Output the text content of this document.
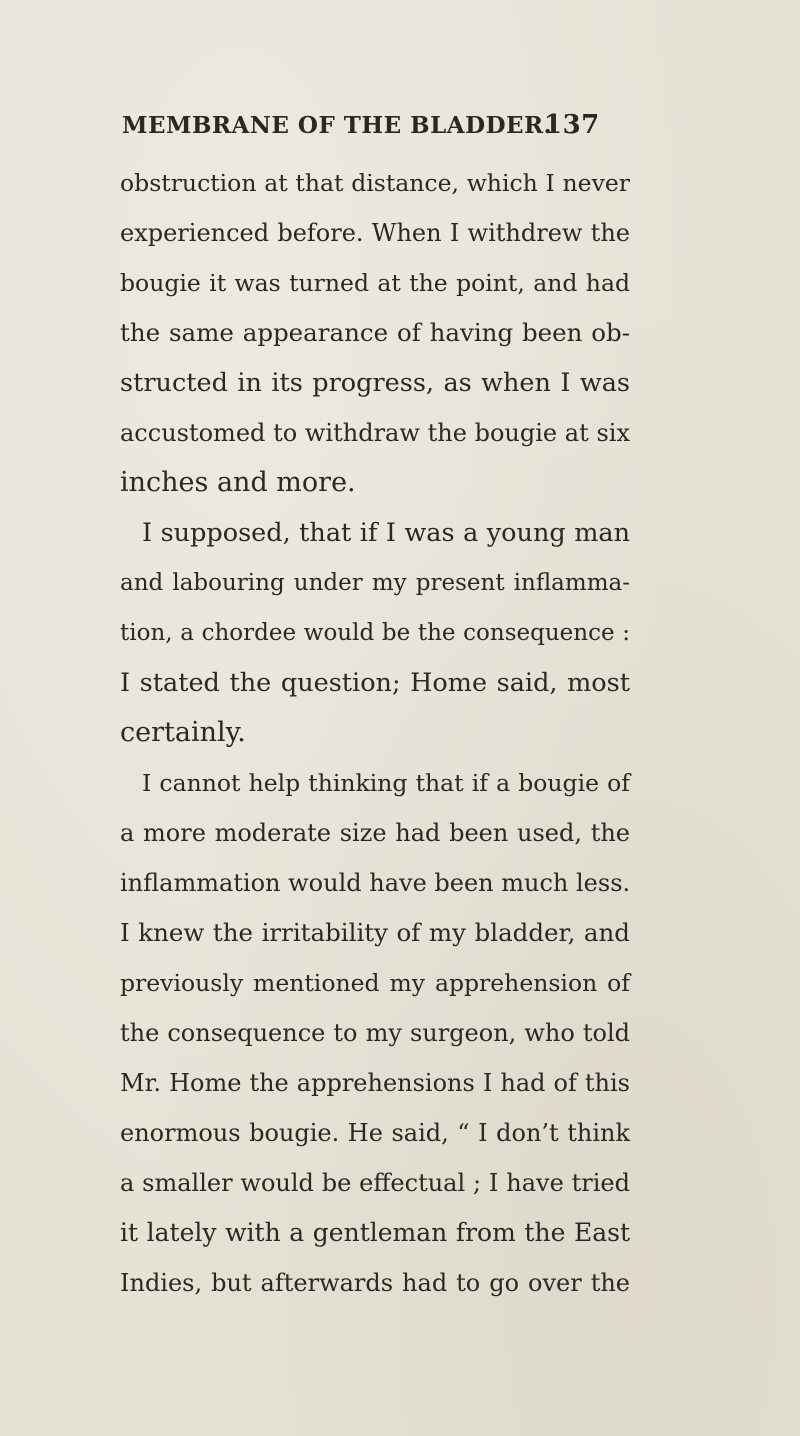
MEMBRANE OF THE BLADDER.
137
obstruction at that distance, which I never
experienced before. When I withdrew the
bougie it was turned at the point, and had
the same appearance of having been ob-
structed in its progress, as when I was
accustomed to withdraw the bougie at six
inches and more.
I supposed, that if I was a young man
and labouring under my present inflamma-
tion, a chordee would be the consequence :
I stated the question; Home said, most
certainly.
I cannot help thinking that if a bougie of
a more moderate size had been used, the
inflammation would have been much less.
I knew the irritability of my bladder, and
previously mentioned my apprehension of
the consequence to my surgeon, who told
Mr. Home the apprehensions I had of this
enormous bougie. He said, “ I don’t think
a smaller would be effectual ; I have tried
it lately with a gentleman from the East
Indies, but afterwards had to go over the
